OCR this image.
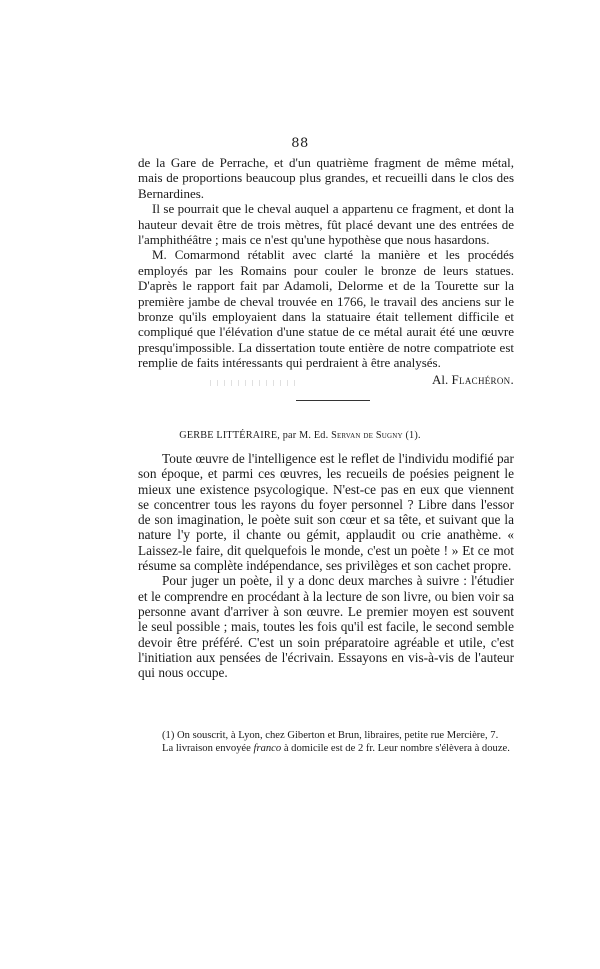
88

de la Gare de Perrache, et d'un quatrième fragment de même métal, mais de proportions beaucoup plus grandes, et recueilli dans le clos des Bernardines.

Il se pourrait que le cheval auquel a appartenu ce fragment, et dont la hauteur devait être de trois mètres, fût placé devant une des entrées de l'amphithéâtre ; mais ce n'est qu'une hypothèse que nous hasardons.

M. Comarmond rétablit avec clarté la manière et les procédés employés par les Romains pour couler le bronze de leurs statues. D'après le rapport fait par Adamoli, Delorme et de la Tourette sur la première jambe de cheval trouvée en 1766, le travail des anciens sur le bronze qu'ils employaient dans la statuaire était tellement difficile et compliqué que l'élévation d'une statue de ce métal aurait été une œuvre presqu'impossible. La dissertation toute entière de notre compatriote est remplie de faits intéressants qui perdraient à être analysés.

Al. Flachéron.
GERBE LITTÉRAIRE, par M. Ed. Servan de Sugny (1).

Toute œuvre de l'intelligence est le reflet de l'individu modifié par son époque, et parmi ces œuvres, les recueils de poésies peignent le mieux une existence psycologique. N'est-ce pas en eux que viennent se concentrer tous les rayons du foyer personnel ? Libre dans l'essor de son imagination, le poète suit son cœur et sa tête, et suivant que la nature l'y porte, il chante ou gémit, applaudit ou crie anathème. « Laissez-le faire, dit quelquefois le monde, c'est un poète ! » Et ce mot résume sa complète indépendance, ses privilèges et son cachet propre.

Pour juger un poète, il y a donc deux marches à suivre : l'étudier et le comprendre en procédant à la lecture de son livre, ou bien voir sa personne avant d'arriver à son œuvre. Le premier moyen est souvent le seul possible ; mais, toutes les fois qu'il est facile, le second semble devoir être préféré. C'est un soin préparatoire agréable et utile, c'est l'initiation aux pensées de l'écrivain. Essayons en vis-à-vis de l'auteur qui nous occupe.

(1) On souscrit, à Lyon, chez Giberton et Brun, libraires, petite rue Mercière, 7.

La livraison envoyée franco à domicile est de 2 fr. Leur nombre s'élèvera à douze.
